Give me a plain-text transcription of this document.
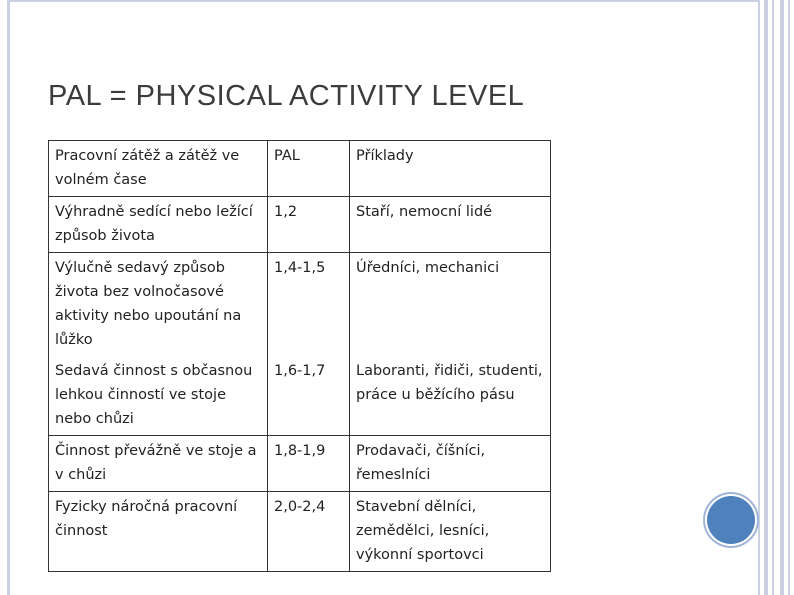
PAL = PHYSICAL ACTIVITY LEVEL
Pracovní zátěž a zátěž ve volném čase	PAL	Příklady
Výhradně sedící nebo ležící způsob života	1,2	Staří, nemocní lidé
Výlučně sedavý způsob života bez volnočasové aktivity nebo upoutání na lůžko	1,4-1,5	Úředníci, mechanici
Sedavá činnost s občasnou lehkou činností ve stoje nebo chůzi	1,6-1,7	Laboranti, řidiči, studenti, práce u běžícího pásu
Činnost převážně ve stoje a v chůzi	1,8-1,9	Prodavači, číšníci, řemeslníci
Fyzicky náročná pracovní činnost	2,0-2,4	Stavební dělníci, zemědělci, lesníci, výkonní sportovci
